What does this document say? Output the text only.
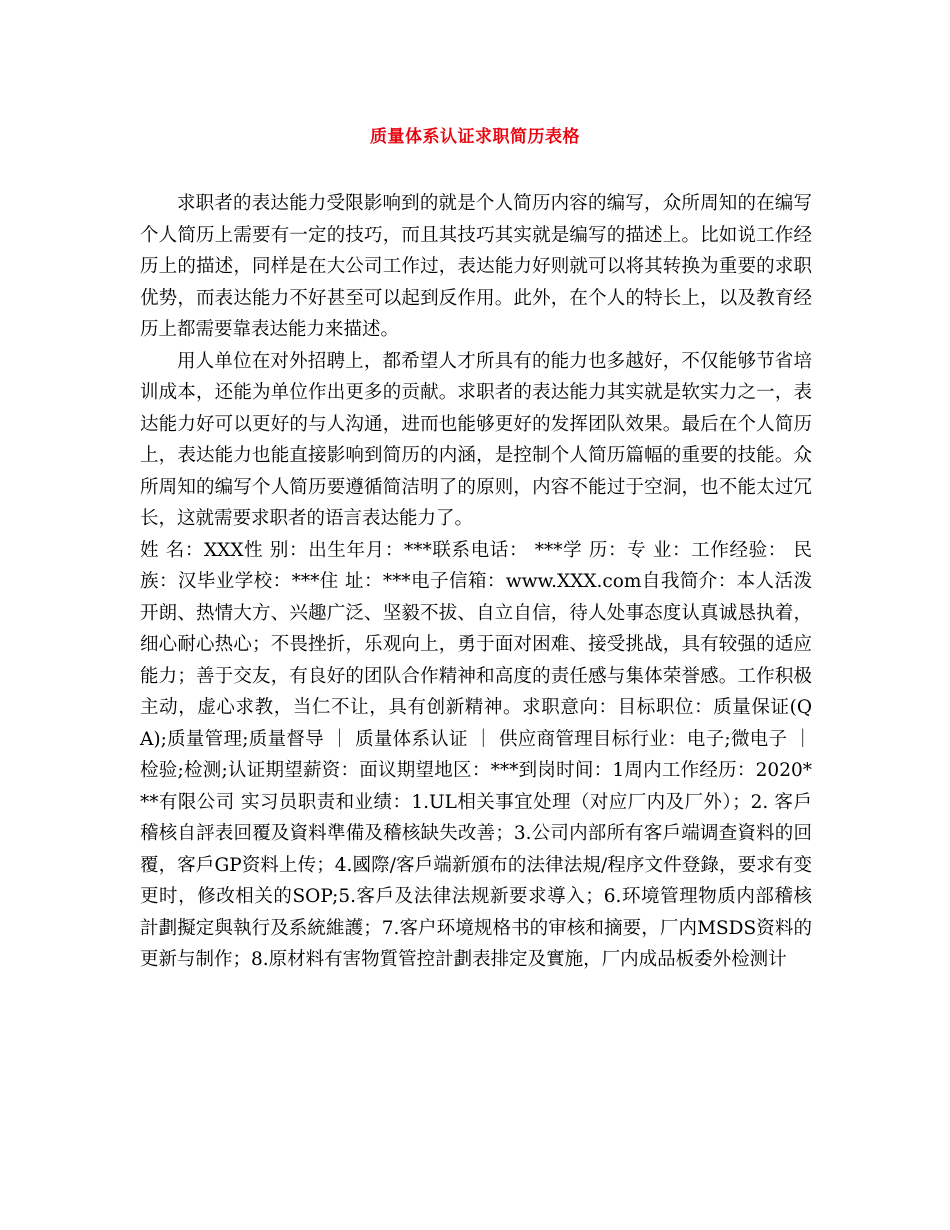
质量体系认证求职简历表格

求职者的表达能力受限影响到的就是个人简历内容的编写，众所周知的在编写个人简历上需要有一定的技巧，而且其技巧其实就是编写的描述上。比如说工作经历上的描述，同样是在大公司工作过，表达能力好则就可以将其转换为重要的求职优势，而表达能力不好甚至可以起到反作用。此外，在个人的特长上，以及教育经历上都需要靠表达能力来描述。

用人单位在对外招聘上，都希望人才所具有的能力也多越好，不仅能够节省培训成本，还能为单位作出更多的贡献。求职者的表达能力其实就是软实力之一，表达能力好可以更好的与人沟通，进而也能够更好的发挥团队效果。最后在个人简历上，表达能力也能直接影响到简历的内涵，是控制个人简历篇幅的重要的技能。众所周知的编写个人简历要遵循简洁明了的原则，内容不能过于空洞，也不能太过冗长，这就需要求职者的语言表达能力了。

姓 名：XXX性 别：出生年月：***联系电话： ***学 历：专 业：工作经验： 民族：汉毕业学校：***住 址：***电子信箱：www.XXX.com自我简介：本人活泼开朗、热情大方、兴趣广泛、坚毅不拔、自立自信，待人处事态度认真诚恳执着，细心耐心热心；不畏挫折，乐观向上，勇于面对困难、接受挑战，具有较强的适应能力；善于交友，有良好的团队合作精神和高度的责任感与集体荣誉感。工作积极主动，虚心求教，当仁不让，具有创新精神。求职意向：目标职位：质量保证(QA);质量管理;质量督导 ｜ 质量体系认证 ｜ 供应商管理目标行业：电子;微电子 ｜ 检验;检测;认证期望薪资：面议期望地区：***到岗时间：1周内工作经历：2020***有限公司 实习员职责和业绩：1.UL相关事宜处理（对应厂内及厂外）；2. 客戶稽核自評表回覆及資料準備及稽核缺失改善；3.公司内部所有客戶端调查資料的回覆，客戶GP资料上传；4.國際/客戶端新頒布的法律法規/程序文件登錄，要求有变更时，修改相关的SOP;5.客戶及法律法规新要求導入；6.环境管理物质内部稽核計劃擬定與執行及系統維護；7.客户环境规格书的审核和摘要，厂内MSDS资料的更新与制作；8.原材料有害物質管控計劃表排定及實施，厂内成品板委外检测计
